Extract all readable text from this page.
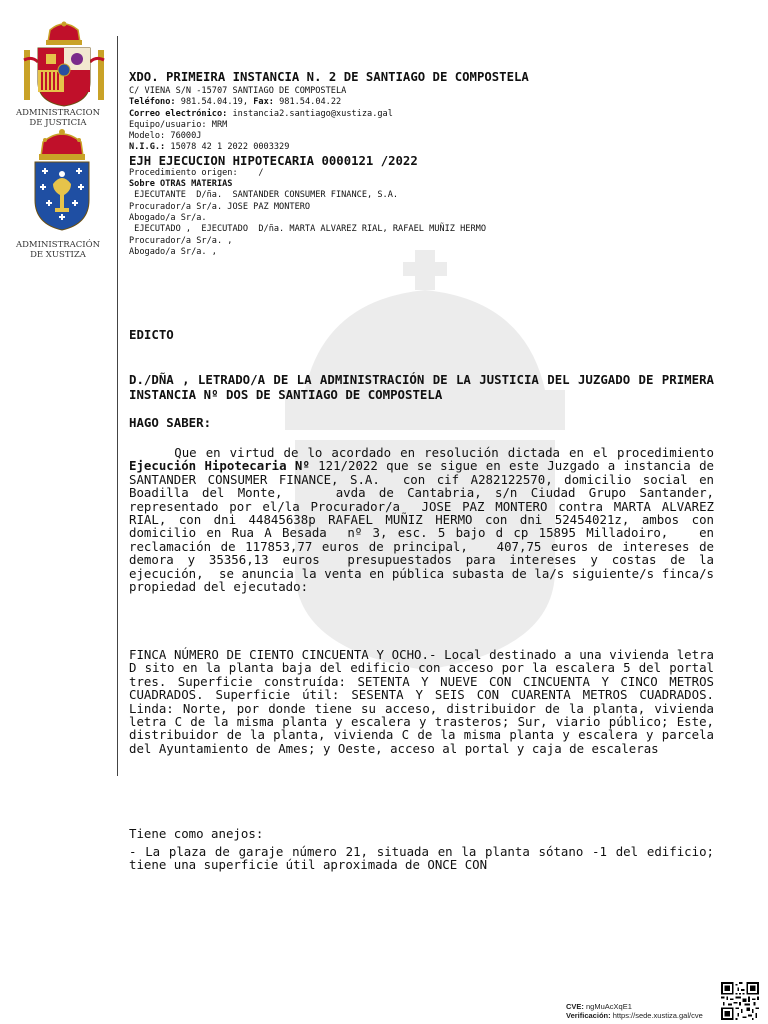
ADMINISTRACION
DE JUSTICIA
ADMINISTRACIÓN
DE XUSTIZA
XDO. PRIMEIRA INSTANCIA N. 2 DE SANTIAGO DE COMPOSTELA
C/ VIENA S/N -15707 SANTIAGO DE COMPOSTELA
Teléfono: 981.54.04.19, Fax: 981.54.04.22
Correo electrónico: instancia2.santiago@xustiza.gal
Equipo/usuario: MRM
Modelo: 76000J
N.I.G.: 15078 42 1 2022 0003329
EJH EJECUCION HIPOTECARIA 0000121 /2022
Procedimiento origen:    /
Sobre OTRAS MATERIAS
EJECUTANTE  D/ña.  SANTANDER CONSUMER FINANCE, S.A.
Procurador/a Sr/a. JOSE PAZ MONTERO
Abogado/a Sr/a.
EJECUTADO ,  EJECUTADO  D/ña. MARTA ALVAREZ RIAL, RAFAEL MUÑIZ HERMO
Procurador/a Sr/a. ,
Abogado/a Sr/a. ,
EDICTO
D./DÑA , LETRADO/A DE LA ADMINISTRACIÓN DE LA JUSTICIA DEL JUZGADO DE PRIMERA INSTANCIA Nº DOS DE SANTIAGO DE COMPOSTELA
HAGO SABER:
Que en virtud de lo acordado en resolución dictada en el procedimiento Ejecución Hipotecaria Nº 121/2022 que se sigue en este Juzgado a instancia de SANTANDER CONSUMER FINANCE, S.A.  con cif A282122570, domicilio social en  Boadilla del Monte,    avda de Cantabria, s/n Ciudad Grupo Santander, representado por el/la Procurador/a  JOSE PAZ MONTERO contra MARTA ALVAREZ RIAL, con dni 44845638p RAFAEL MUÑIZ HERMO con dni 52454021z, ambos con domicilio en Rua A Besada  nº 3, esc. 5 bajo d cp 15895 Milladoiro,   en reclamación de 117853,77 euros de principal,   407,75 euros de intereses de demora y 35356,13 euros  presupuestados para intereses y costas de la ejecución,  se anuncia la venta en pública subasta de la/s siguiente/s finca/s propiedad del ejecutado:
FINCA NÚMERO DE CIENTO CINCUENTA Y OCHO.- Local destinado a una vivienda letra D sito en la planta baja del edificio con acceso por la escalera 5 del portal tres. Superficie construída: SETENTA Y NUEVE CON CINCUENTA Y CINCO METROS CUADRADOS. Superficie útil: SESENTA Y SEIS CON CUARENTA METROS CUADRADOS. Linda: Norte, por donde tiene su acceso, distribuidor de la planta, vivienda letra C de la misma planta y escalera y trasteros; Sur, viario público; Este, distribuidor de la planta, vivienda C de la misma planta y escalera y parcela del Ayuntamiento de Ames; y Oeste, acceso al portal y caja de escaleras
Tiene como anejos:
- La plaza de garaje número 21, situada en la planta sótano -1 del edificio; tiene una superficie útil aproximada de ONCE CON
CVE: ngMuAcXqE1
Verificación: https://sede.xustiza.gal/cve
